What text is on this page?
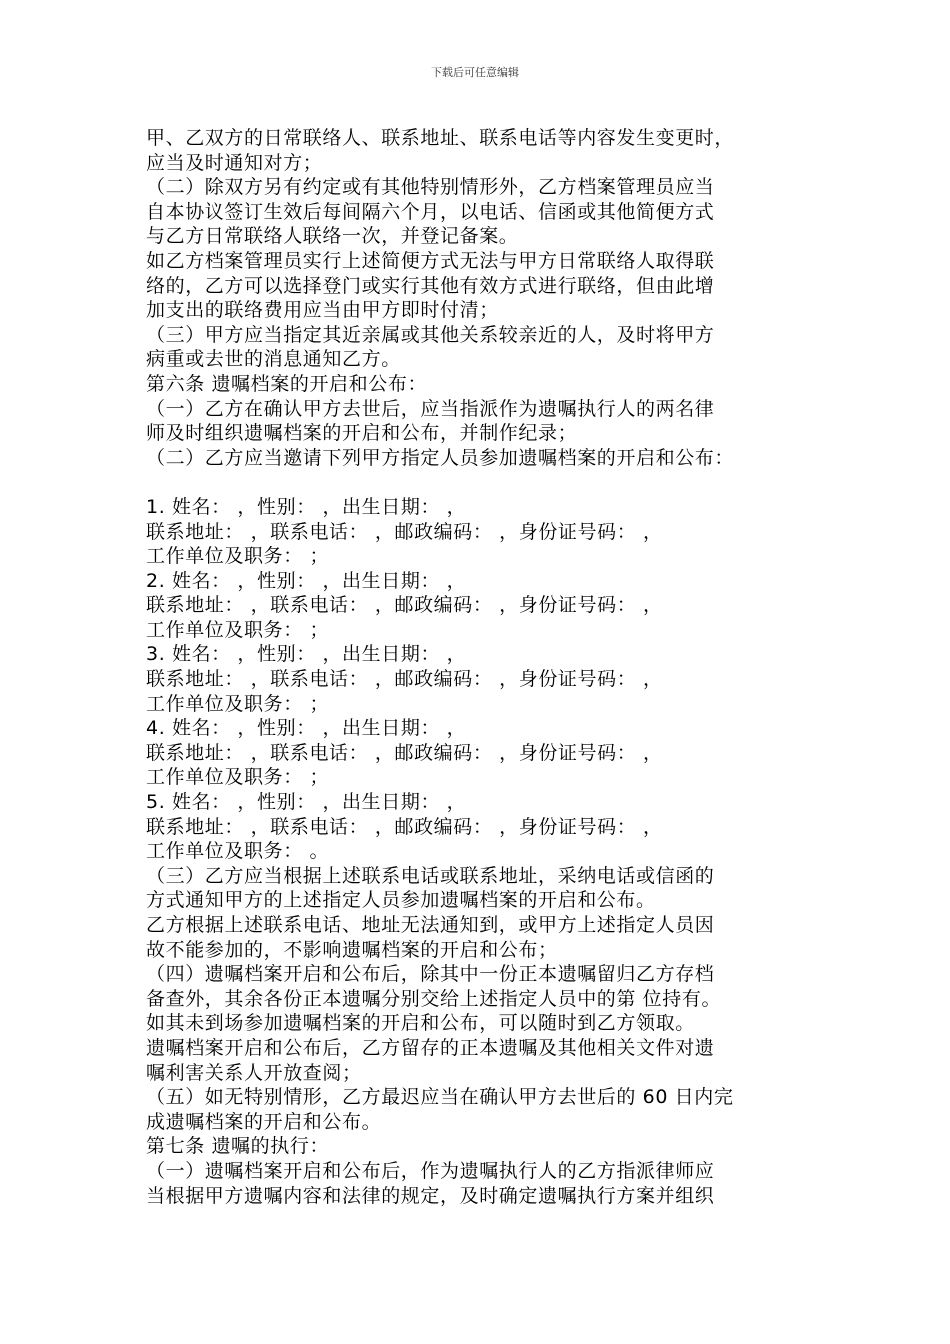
下载后可任意编辑
甲、乙双方的日常联络人、联系地址、联系电话等内容发生变更时，
应当及时通知对方；
（二）除双方另有约定或有其他特别情形外，乙方档案管理员应当
自本协议签订生效后每间隔六个月，以电话、信函或其他简便方式
与乙方日常联络人联络一次，并登记备案。
如乙方档案管理员实行上述简便方式无法与甲方日常联络人取得联
络的，乙方可以选择登门或实行其他有效方式进行联络，但由此增
加支出的联络费用应当由甲方即时付清；
（三）甲方应当指定其近亲属或其他关系较亲近的人，及时将甲方
病重或去世的消息通知乙方。
第六条 遗嘱档案的开启和公布：
（一）乙方在确认甲方去世后，应当指派作为遗嘱执行人的两名律
师及时组织遗嘱档案的开启和公布，并制作纪录；
（二）乙方应当邀请下列甲方指定人员参加遗嘱档案的开启和公布：
1. 姓名： ，性别： ，出生日期： ，
联系地址： ，联系电话： ，邮政编码： ，身份证号码： ，
工作单位及职务： ；
2. 姓名： ，性别： ，出生日期： ，
联系地址： ，联系电话： ，邮政编码： ，身份证号码： ，
工作单位及职务： ；
3. 姓名： ，性别： ，出生日期： ，
联系地址： ，联系电话： ，邮政编码： ，身份证号码： ，
工作单位及职务： ；
4. 姓名： ，性别： ，出生日期： ，
联系地址： ，联系电话： ，邮政编码： ，身份证号码： ，
工作单位及职务： ；
5. 姓名： ，性别： ，出生日期： ，
联系地址： ，联系电话： ，邮政编码： ，身份证号码： ，
工作单位及职务： 。
（三）乙方应当根据上述联系电话或联系地址，采纳电话或信函的
方式通知甲方的上述指定人员参加遗嘱档案的开启和公布。
乙方根据上述联系电话、地址无法通知到，或甲方上述指定人员因
故不能参加的，不影响遗嘱档案的开启和公布；
（四）遗嘱档案开启和公布后，除其中一份正本遗嘱留归乙方存档
备查外，其余各份正本遗嘱分别交给上述指定人员中的第 位持有。
如其未到场参加遗嘱档案的开启和公布，可以随时到乙方领取。
遗嘱档案开启和公布后，乙方留存的正本遗嘱及其他相关文件对遗
嘱利害关系人开放查阅；
（五）如无特别情形，乙方最迟应当在确认甲方去世后的 60 日内完
成遗嘱档案的开启和公布。
第七条 遗嘱的执行：
（一）遗嘱档案开启和公布后，作为遗嘱执行人的乙方指派律师应
当根据甲方遗嘱内容和法律的规定，及时确定遗嘱执行方案并组织
